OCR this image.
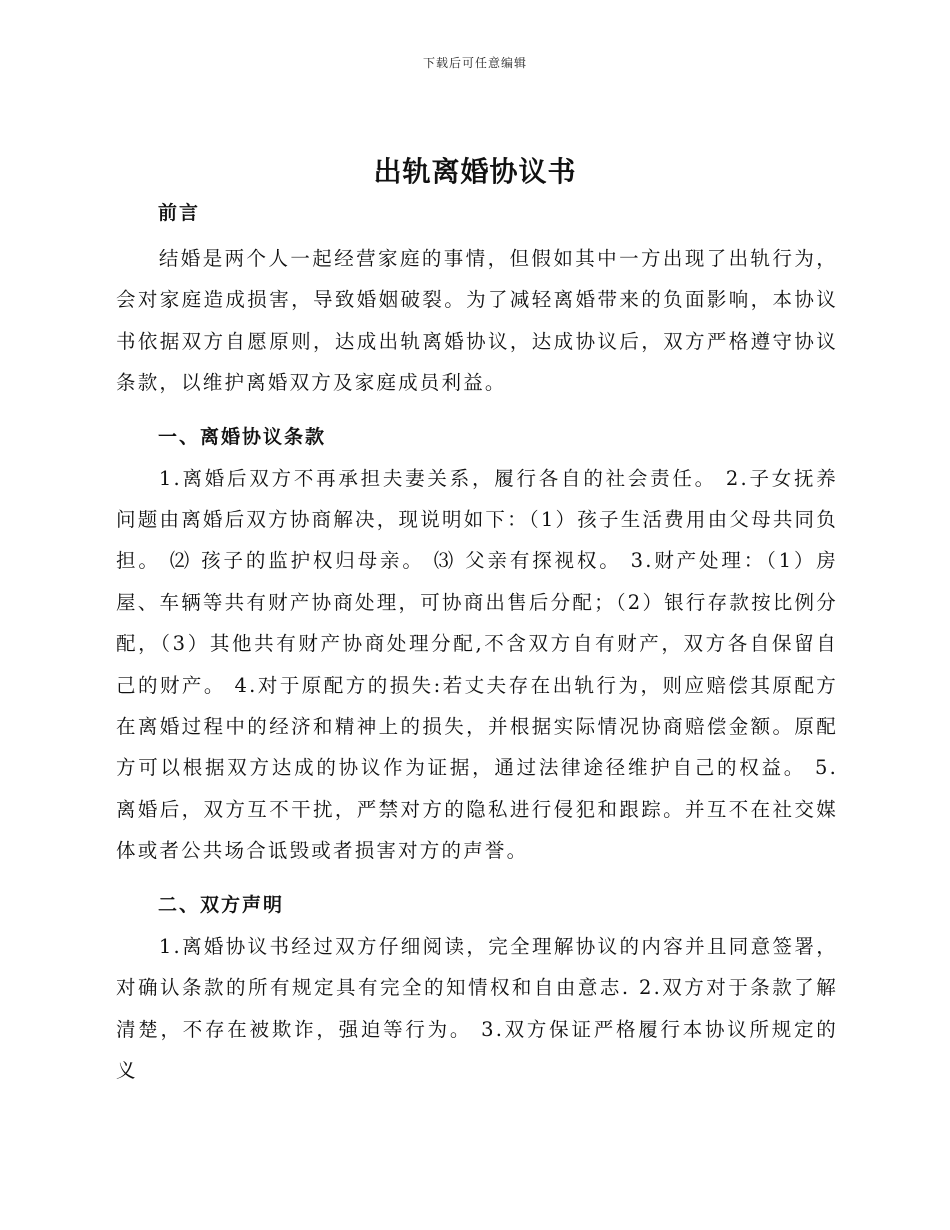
下载后可任意编辑
出轨离婚协议书
前言

结婚是两个人一起经营家庭的事情，但假如其中一方出现了出轨行为，会对家庭造成损害，导致婚姻破裂。为了减轻离婚带来的负面影响，本协议书依据双方自愿原则，达成出轨离婚协议，达成协议后，双方严格遵守协议条款，以维护离婚双方及家庭成员利益。

一、离婚协议条款

1.离婚后双方不再承担夫妻关系，履行各自的社会责任。 2.子女抚养问题由离婚后双方协商解决，现说明如下：（1）孩子生活费用由父母共同负担。 ⑵ 孩子的监护权归母亲。 ⑶ 父亲有探视权。 3.财产处理：（1）房屋、车辆等共有财产协商处理，可协商出售后分配；（2）银行存款按比例分配，（3）其他共有财产协商处理分配,不含双方自有财产，双方各自保留自己的财产。 4.对于原配方的损失:若丈夫存在出轨行为，则应赔偿其原配方在离婚过程中的经济和精神上的损失，并根据实际情况协商赔偿金额。原配方可以根据双方达成的协议作为证据，通过法律途径维护自己的权益。 5.离婚后，双方互不干扰，严禁对方的隐私进行侵犯和跟踪。并互不在社交媒体或者公共场合诋毁或者损害对方的声誉。

二、双方声明

1.离婚协议书经过双方仔细阅读，完全理解协议的内容并且同意签署，对确认条款的所有规定具有完全的知情权和自由意志. 2.双方对于条款了解清楚，不存在被欺诈，强迫等行为。 3.双方保证严格履行本协议所规定的义
